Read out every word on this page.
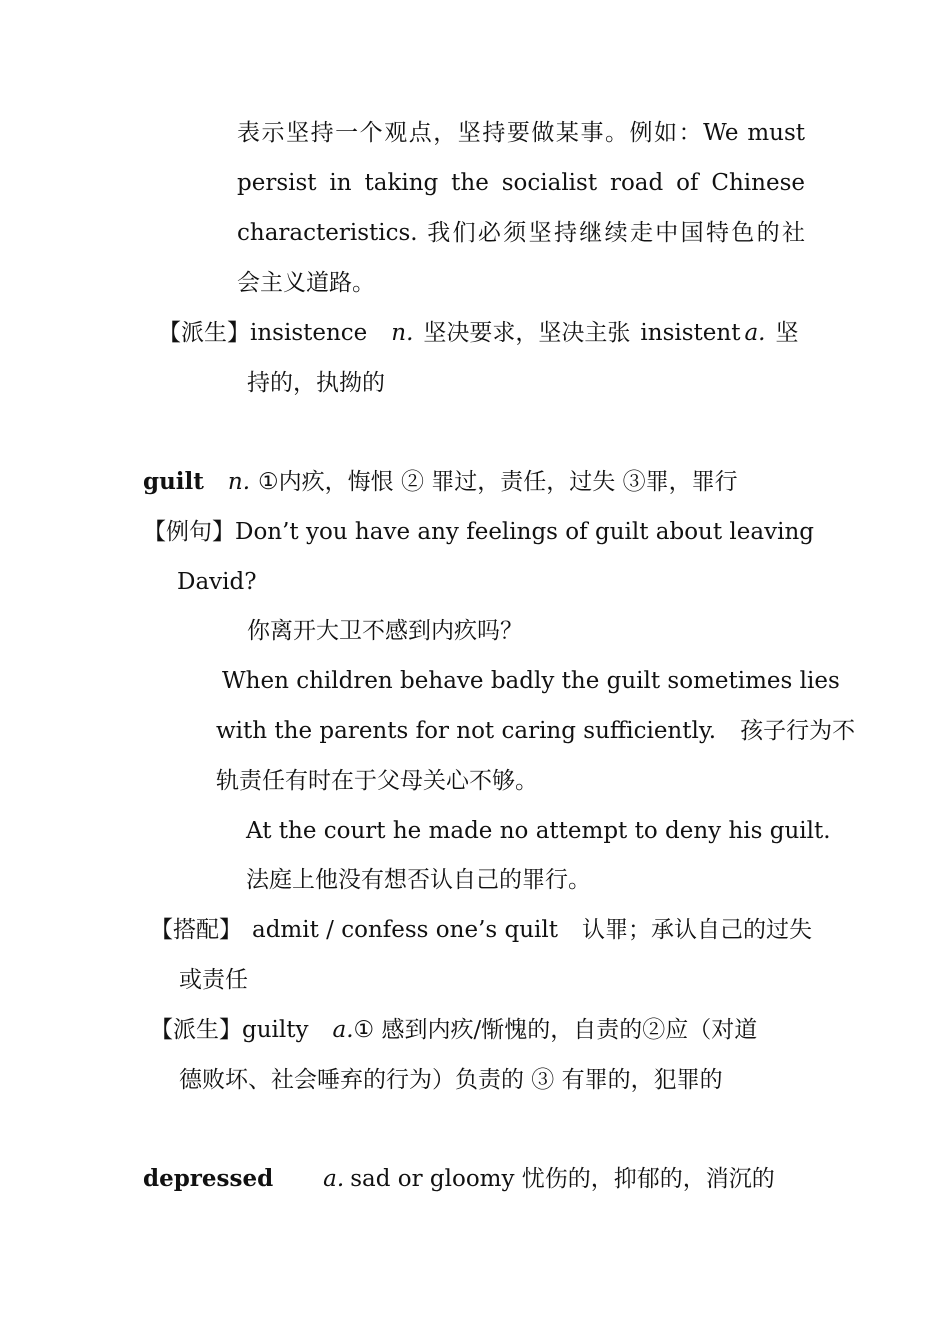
表示坚持一个观点，坚持要做某事。例如：We must
persist in taking the socialist road of Chinese
characteristics. 我们必须坚持继续走中国特色的社
会主义道路。
【派生】insistence n. 坚决要求，坚决主张 insistent a. 坚
持的，执拗的
guilt n. ①内疚，悔恨 ② 罪过，责任，过失 ③罪，罪行
【例句】Don’t you have any feelings of guilt about leaving
David?
你离开大卫不感到内疚吗？
When children behave badly the guilt sometimes lies
with the parents for not caring sufficiently. 孩子行为不
轨责任有时在于父母关心不够。
At the court he made no attempt to deny his guilt.
法庭上他没有想否认自己的罪行。
【搭配】 admit / confess one’s quilt 认罪；承认自己的过失
或责任
【派生】guilty a.① 感到内疚/惭愧的，自责的②应（对道
德败坏、社会唾弃的行为）负责的 ③ 有罪的，犯罪的
depressed a. sad or gloomy 忧伤的，抑郁的，消沉的
